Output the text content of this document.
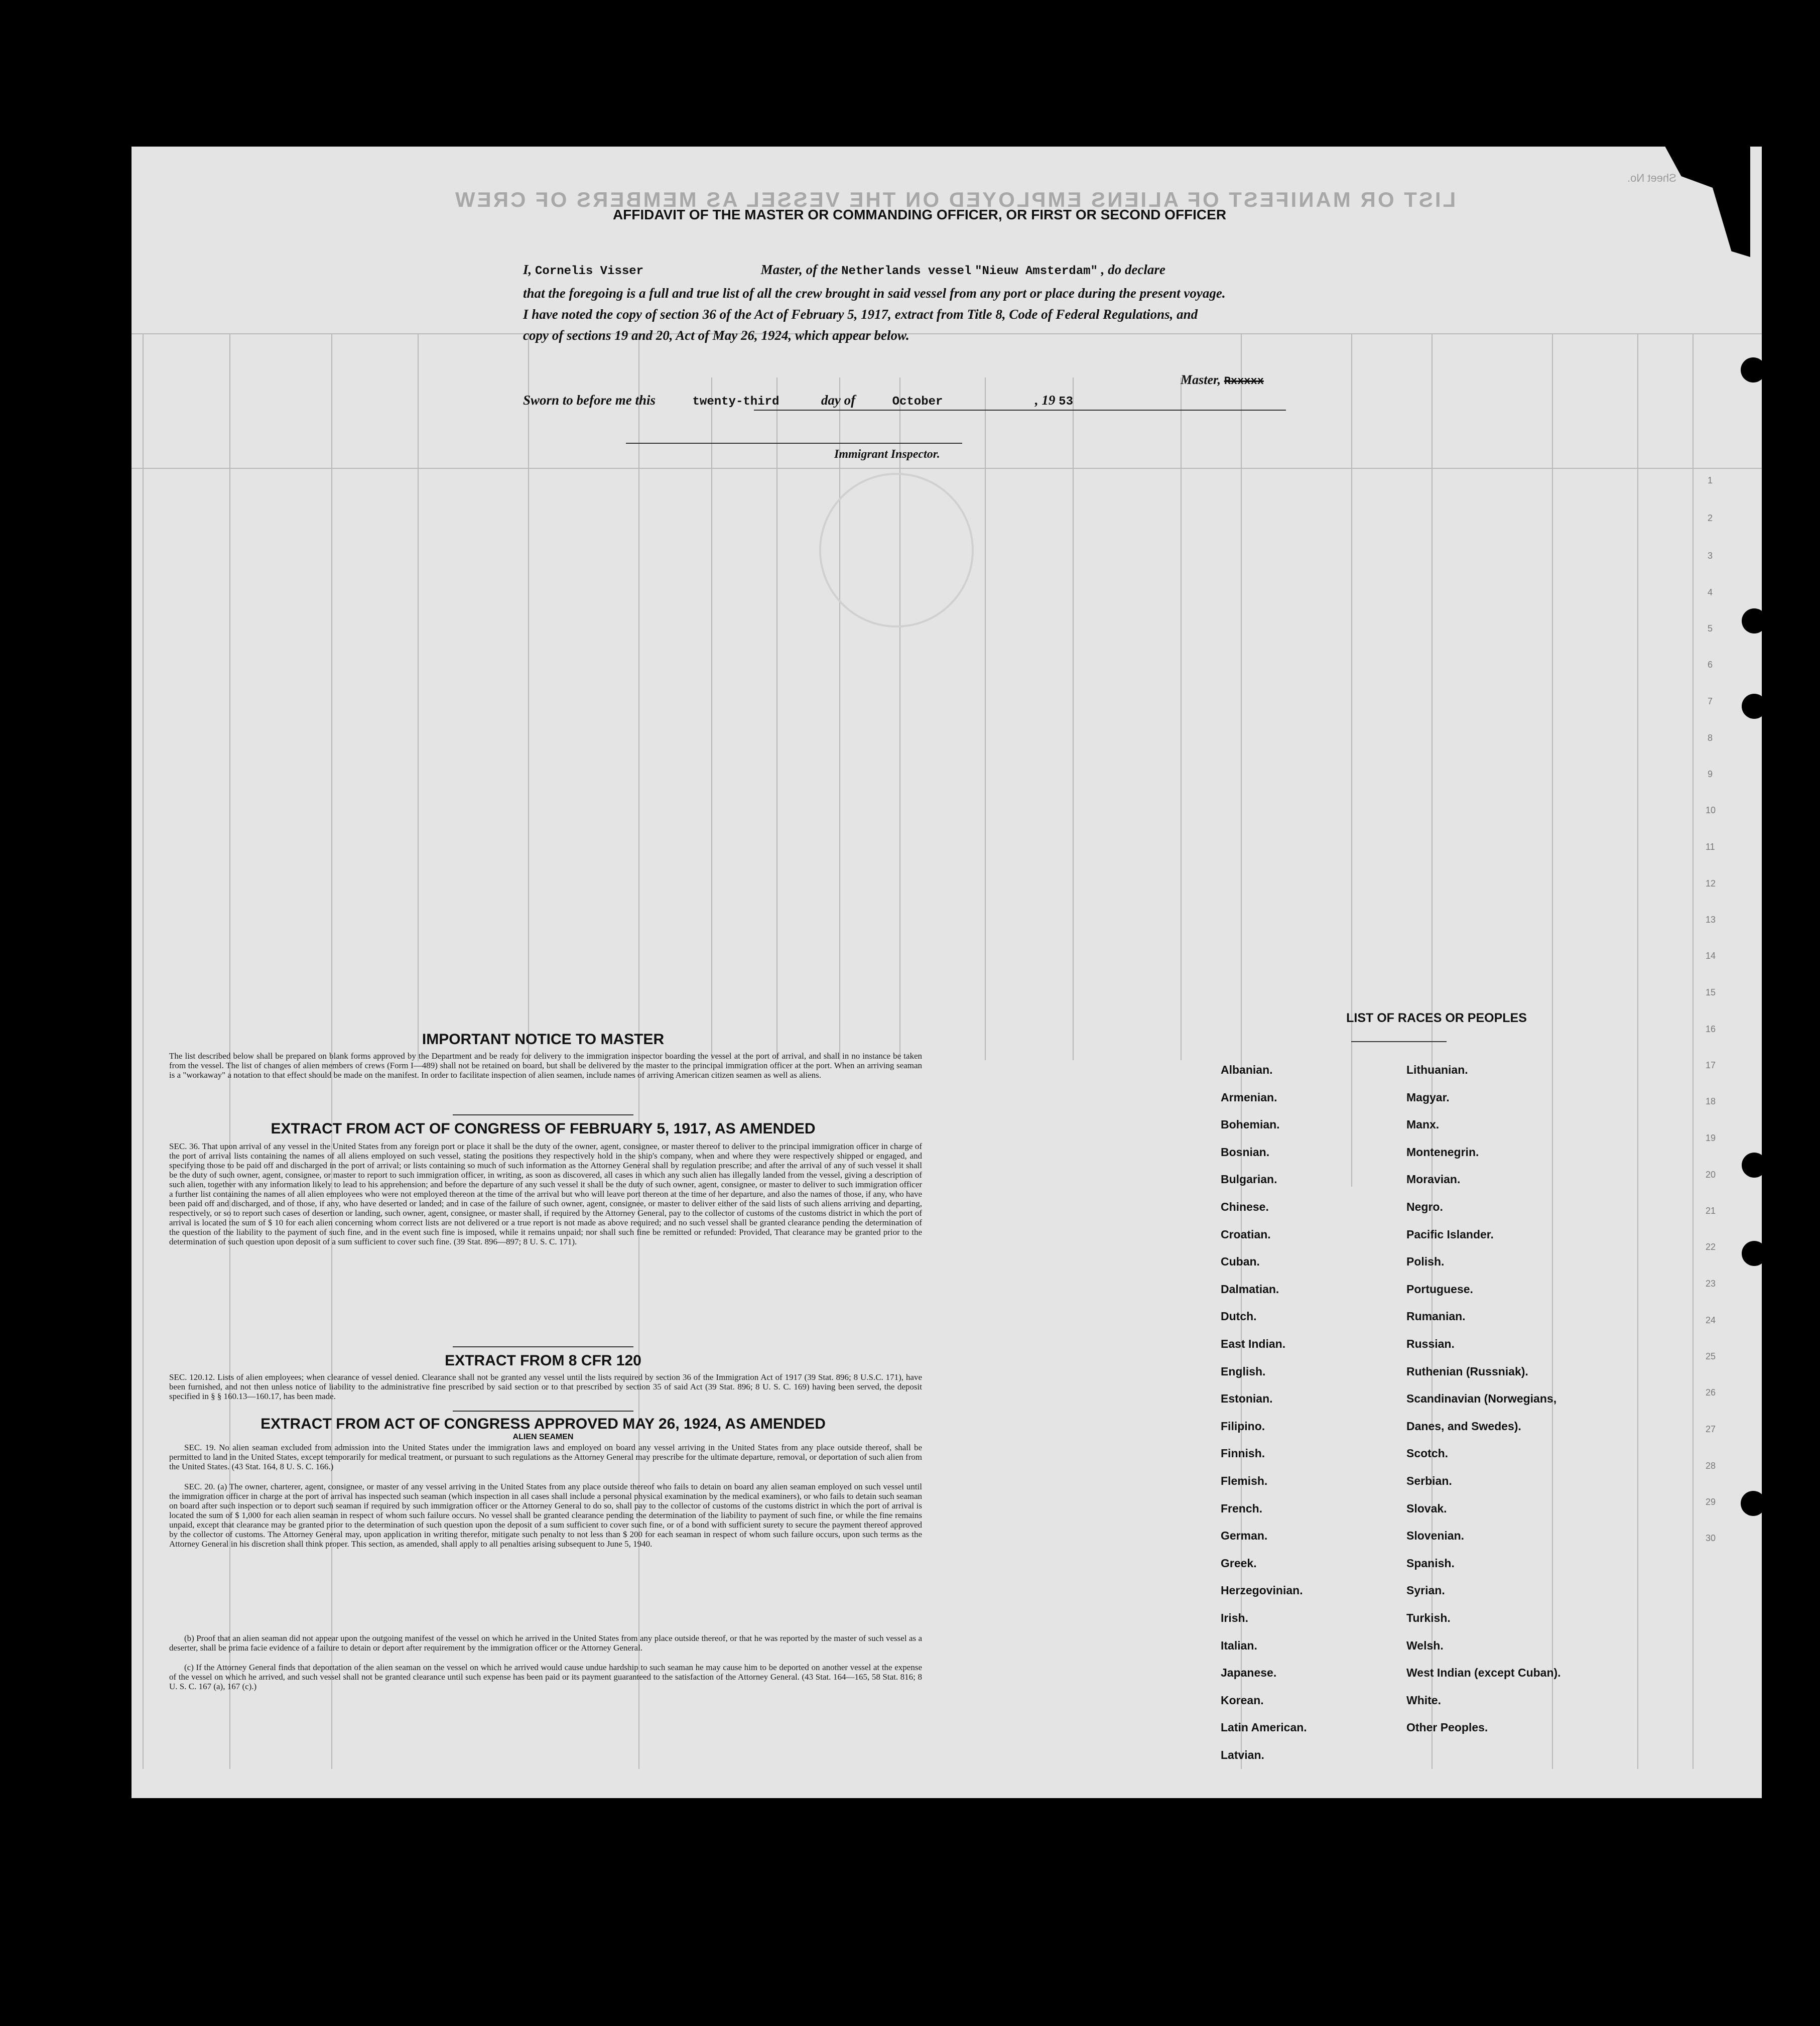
LIST OR MANIFEST OF ALIENS EMPLOYED ON THE VESSEL AS MEMBERS OF CREW
Sheet No.
1
2
3
4
5
6
7
8
9
10
11
12
13
14
15
16
17
18
19
20
21
22
23
24
25
26
27
28
29
30
AFFIDAVIT OF THE MASTER OR COMMANDING OFFICER, OR FIRST OR SECOND OFFICER
I, Cornelis Visser	Master, of the Netherlands vessel "Nieuw Amsterdam" , do declare
that the foregoing is a full and true list of all the crew brought in said vessel from any port or place during the present voyage.
I have noted the copy of section 36 of the Act of February 5, 1917, extract from Title 8, Code of Federal Regulations, and
copy of sections 19 and 20, Act of May 26, 1924, which appear below.
Master, Rxxxxx
Sworn to before me this	twenty-third	day of	October	, 19 53
Immigrant Inspector.
IMPORTANT NOTICE TO MASTER
The list described below shall be prepared on blank forms approved by the Department and be ready for delivery to the immigration inspector boarding the vessel at the port of arrival, and shall in no instance be taken from the vessel. The list of changes of alien members of crews (Form I—489) shall not be retained on board, but shall be delivered by the master to the principal immigration officer at the port. When an arriving seaman is a "workaway" a notation to that effect should be made on the manifest. In order to facilitate inspection of alien seamen, include names of arriving American citizen seamen as well as aliens.
EXTRACT FROM ACT OF CONGRESS OF FEBRUARY 5, 1917, AS AMENDED
SEC. 36. That upon arrival of any vessel in the United States from any foreign port or place it shall be the duty of the owner, agent, consignee, or master thereof to deliver to the principal immigration officer in charge of the port of arrival lists containing the names of all aliens employed on such vessel, stating the positions they respectively hold in the ship's company, when and where they were respectively shipped or engaged, and specifying those to be paid off and discharged in the port of arrival; or lists containing so much of such information as the Attorney General shall by regulation prescribe; and after the arrival of any of such vessel it shall be the duty of such owner, agent, consignee, or master to report to such immigration officer, in writing, as soon as discovered, all cases in which any such alien has illegally landed from the vessel, giving a description of such alien, together with any information likely to lead to his apprehension; and before the departure of any such vessel it shall be the duty of such owner, agent, consignee, or master to deliver to such immigration officer a further list containing the names of all alien employees who were not employed thereon at the time of the arrival but who will leave port thereon at the time of her departure, and also the names of those, if any, who have been paid off and discharged, and of those, if any, who have deserted or landed; and in case of the failure of such owner, agent, consignee, or master to deliver either of the said lists of such aliens arriving and departing, respectively, or so to report such cases of desertion or landing, such owner, agent, consignee, or master shall, if required by the Attorney General, pay to the collector of customs of the customs district in which the port of arrival is located the sum of $ 10 for each alien concerning whom correct lists are not delivered or a true report is not made as above required; and no such vessel shall be granted clearance pending the determination of the question of the liability to the payment of such fine, and in the event such fine is imposed, while it remains unpaid; nor shall such fine be remitted or refunded: Provided, That clearance may be granted prior to the determination of such question upon deposit of a sum sufficient to cover such fine. (39 Stat. 896—897; 8 U. S. C. 171).
EXTRACT FROM 8 CFR 120
SEC. 120.12. Lists of alien employees; when clearance of vessel denied. Clearance shall not be granted any vessel until the lists required by section 36 of the Immigration Act of 1917 (39 Stat. 896; 8 U.S.C. 171), have been furnished, and not then unless notice of liability to the administrative fine prescribed by said section or to that prescribed by section 35 of said Act (39 Stat. 896; 8 U. S. C. 169) having been served, the deposit specified in § § 160.13—160.17, has been made.
EXTRACT FROM ACT OF CONGRESS APPROVED MAY 26, 1924, AS AMENDED
ALIEN SEAMEN
SEC. 19. No alien seaman excluded from admission into the United States under the immigration laws and employed on board any vessel arriving in the United States from any place outside thereof, shall be permitted to land in the United States, except temporarily for medical treatment, or pursuant to such regulations as the Attorney General may prescribe for the ultimate departure, removal, or deportation of such alien from the United States. (43 Stat. 164, 8 U. S. C. 166.)
SEC. 20. (a) The owner, charterer, agent, consignee, or master of any vessel arriving in the United States from any place outside thereof who fails to detain on board any alien seaman employed on such vessel until the immigration officer in charge at the port of arrival has inspected such seaman (which inspection in all cases shall include a personal physical examination by the medical examiners), or who fails to detain such seaman on board after such inspection or to deport such seaman if required by such immigration officer or the Attorney General to do so, shall pay to the collector of customs of the customs district in which the port of arrival is located the sum of $ 1,000 for each alien seaman in respect of whom such failure occurs. No vessel shall be granted clearance pending the determination of the liability to payment of such fine, or while the fine remains unpaid, except that clearance may be granted prior to the determination of such question upon the deposit of a sum sufficient to cover such fine, or of a bond with sufficient surety to secure the payment thereof approved by the collector of customs. The Attorney General may, upon application in writing therefor, mitigate such penalty to not less than $ 200 for each seaman in respect of whom such failure occurs, upon such terms as the Attorney General in his discretion shall think proper. This section, as amended, shall apply to all penalties arising subsequent to June 5, 1940.
(b) Proof that an alien seaman did not appear upon the outgoing manifest of the vessel on which he arrived in the United States from any place outside thereof, or that he was reported by the master of such vessel as a deserter, shall be prima facie evidence of a failure to detain or deport after requirement by the immigration officer or the Attorney General.
(c) If the Attorney General finds that deportation of the alien seaman on the vessel on which he arrived would cause undue hardship to such seaman he may cause him to be deported on another vessel at the expense of the vessel on which he arrived, and such vessel shall not be granted clearance until such expense has been paid or its payment guaranteed to the satisfaction of the Attorney General. (43 Stat. 164—165, 58 Stat. 816; 8 U. S. C. 167 (a), 167 (c).)
LIST OF RACES OR PEOPLES
Albanian.
Armenian.
Bohemian.
Bosnian.
Bulgarian.
Chinese.
Croatian.
Cuban.
Dalmatian.
Dutch.
East Indian.
English.
Estonian.
Filipino.
Finnish.
Flemish.
French.
German.
Greek.
Herzegovinian.
Irish.
Italian.
Japanese.
Korean.
Latin American.
Latvian.
Lithuanian.
Magyar.
Manx.
Montenegrin.
Moravian.
Negro.
Pacific Islander.
Polish.
Portuguese.
Rumanian.
Russian.
Ruthenian (Russniak).
Scandinavian (Norwegians,
Danes, and Swedes).
Scotch.
Serbian.
Slovak.
Slovenian.
Spanish.
Syrian.
Turkish.
Welsh.
West Indian (except Cuban).
White.
Other Peoples.
